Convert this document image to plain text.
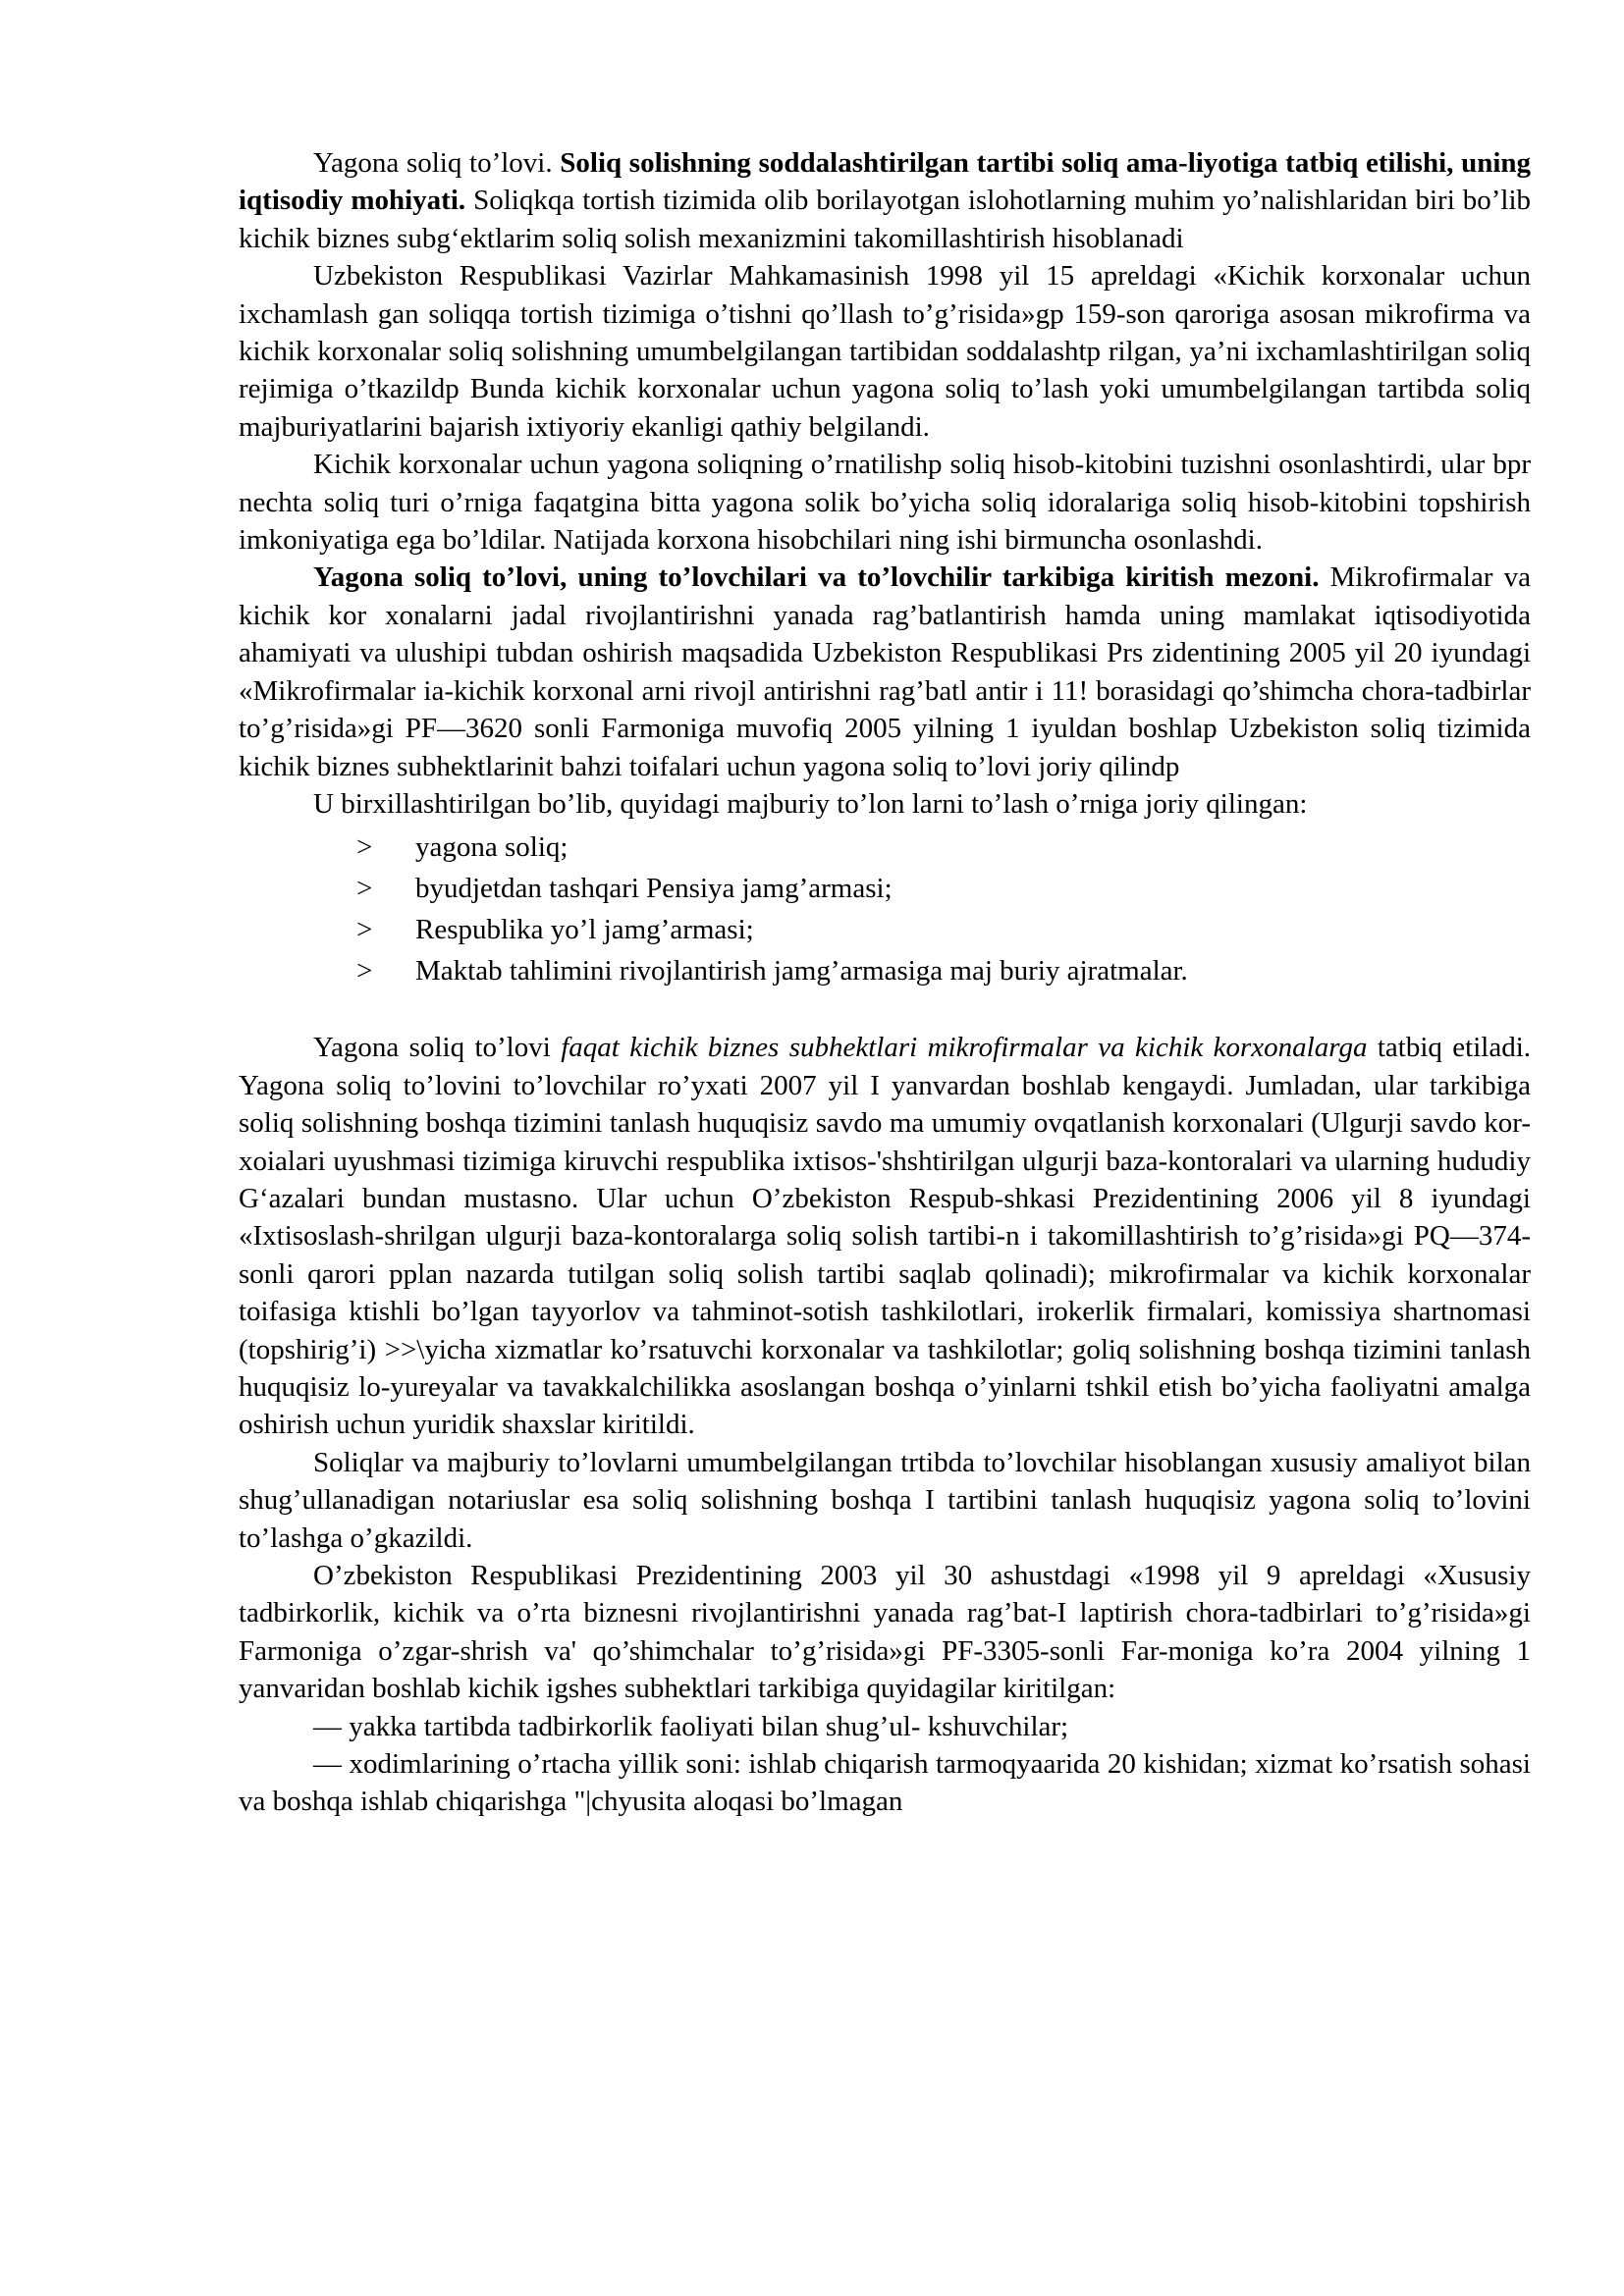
Yagona soliq to’lovi. Soliq solishning soddalashtirilgan tartibi soliq ama-liyotiga tatbiq etilishi, uning iqtisodiy mohiyati. Soliqkqa tortish tizimida olib borilayotgan islohotlarning muhim yo’nalishlaridan biri bo’lib kichik biznes subg‘ektlarim soliq solish mexanizmini takomillashtirish hisoblanadi

Uzbekiston Respublikasi Vazirlar Mahkamasinish 1998 yil 15 apreldagi «Kichik korxonalar uchun ixchamlash gan soliqqa tortish tizimiga o’tishni qo’llash to’g’risida»gp 159-son qaroriga asosan mikrofirma va kichik korxonalar soliq solishning umumbelgilangan tartibidan soddalashtp rilgan, ya’ni ixchamlashtirilgan soliq rejimiga o’tkazildp Bunda kichik korxonalar uchun yagona soliq to’lash yoki umumbelgilangan tartibda soliq majburiyatlarini bajarish ixtiyoriy ekanligi qathiy belgilandi.

Kichik korxonalar uchun yagona soliqning o’rnatilishp soliq hisob-kitobini tuzishni osonlashtirdi, ular bpr nechta soliq turi o’rniga faqatgina bitta yagona solik bo’yicha soliq idoralariga soliq hisob-kitobini topshirish imkoniyatiga ega bo’ldilar. Natijada korxona hisobchilari ning ishi birmuncha osonlashdi.

Yagona soliq to’lovi, uning to’lovchilari va to’lovchilir tarkibiga kiritish mezoni. Mikrofirmalar va kichik kor xonalarni jadal rivojlantirishni yanada rag’batlantirish hamda uning mamlakat iqtisodiyotida ahamiyati va ulushipi tubdan oshirish maqsadida Uzbekiston Respublikasi Prs zidentining 2005 yil 20 iyundagi «Mikrofirmalar ia-kichik korxonal arni rivojl antirishni rag’batl antir i 11! borasidagi qo’shimcha chora-tadbirlar to’g’risida»gi PF—3620 sonli Farmoniga muvofiq 2005 yilning 1 iyuldan boshlap Uzbekiston soliq tizimida kichik biznes subhektlarinit bahzi toifalari uchun yagona soliq to’lovi joriy qilindp

U birxillashtirilgan bo’lib, quyidagi majburiy to’lon larni to’lash o’rniga joriy qilingan:

> yagona soliq;
> byudjetdan tashqari Pensiya jamg’armasi;
> Respublika yo’l jamg’armasi;
> Maktab tahlimini rivojlantirish jamg’armasiga maj buriy ajratmalar.

Yagona soliq to’lovi faqat kichik biznes subhektlari mikrofirmalar va kichik korxonalarga tatbiq etiladi. Yagona soliq to’lovini to’lovchilar ro’yxati 2007 yil I yanvardan boshlab kengaydi. Jumladan, ular tarkibiga soliq solishning boshqa tizimini tanlash huquqisiz savdo ma umumiy ovqatlanish korxonalari (Ulgurji savdo kor-xoialari uyushmasi tizimiga kiruvchi respublika ixtisos-'shshtirilgan ulgurji baza-kontoralari va ularning hududiy G‘azalari bundan mustasno. Ular uchun O’zbekiston Respub-shkasi Prezidentining 2006 yil 8 iyundagi «Ixtisoslash-shrilgan ulgurji baza-kontoralarga soliq solish tartibi-n i takomillashtirish to’g’risida»gi PQ—374-sonli qarori pplan nazarda tutilgan soliq solish tartibi saqlab qolinadi); mikrofirmalar va kichik korxonalar toifasiga ktishli bo’lgan tayyorlov va tahminot-sotish tashkilotlari, irokerlik firmalari, komissiya shartnomasi (topshirig’i) >>\yicha xizmatlar ko’rsatuvchi korxonalar va tashkilotlar; goliq solishning boshqa tizimini tanlash huquqisiz lo-yureyalar va tavakkalchilikka asoslangan boshqa o’yinlarni tshkil etish bo’yicha faoliyatni amalga oshirish uchun yuridik shaxslar kiritildi.

Soliqlar va majburiy to’lovlarni umumbelgilangan trtibda to’lovchilar hisoblangan xususiy amaliyot bilan shug’ullanadigan notariuslar esa soliq solishning boshqa I tartibini tanlash huquqisiz yagona soliq to’lovini to’lashga o’gkazildi.

O’zbekiston Respublikasi Prezidentining 2003 yil 30 ashustdagi «1998 yil 9 apreldagi «Xususiy tadbirkorlik, kichik va o’rta biznesni rivojlantirishni yanada rag’bat-I laptirish chora-tadbirlari to’g’risida»gi Farmoniga o’zgar-shrish va' qo’shimchalar to’g’risida»gi PF-3305-sonli Far-moniga ko’ra 2004 yilning 1 yanvaridan boshlab kichik igshes subhektlari tarkibiga quyidagilar kiritilgan:

— yakka tartibda tadbirkorlik faoliyati bilan shug’ul- kshuvchilar;

— xodimlarining o’rtacha yillik soni: ishlab chiqarish tarmoqyaarida 20 kishidan; xizmat ko’rsatish sohasi va boshqa ishlab chiqarishga "|chyusita aloqasi bo’lmagan
